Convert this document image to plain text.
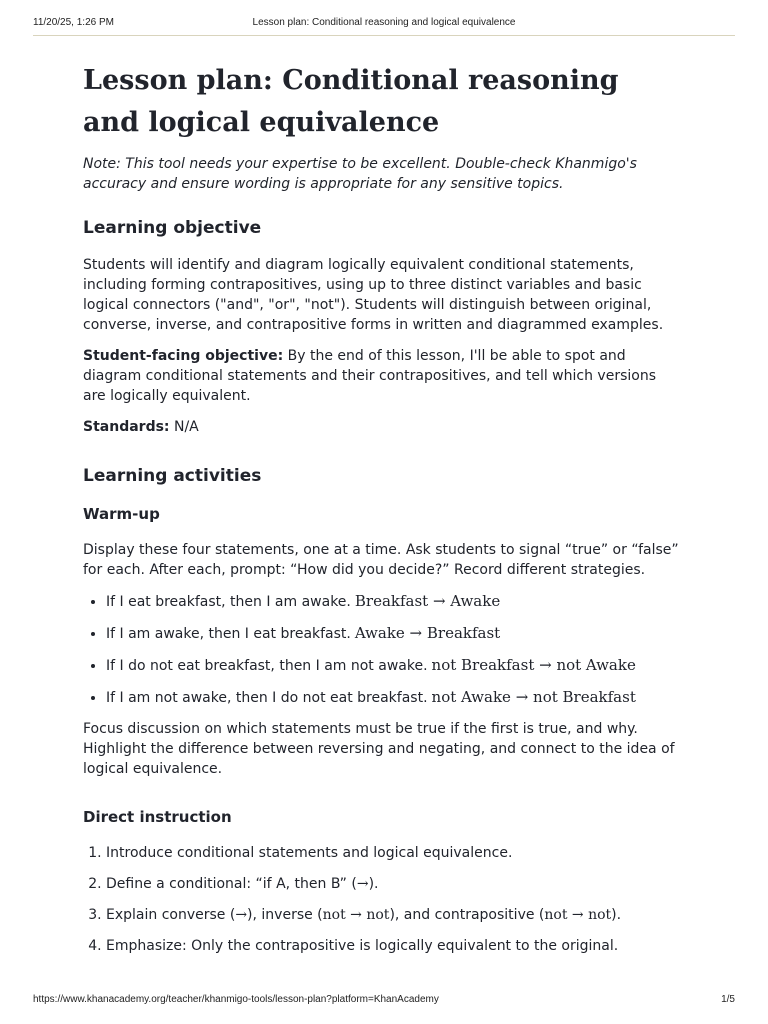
11/20/25, 1:26 PM	Lesson plan: Conditional reasoning and logical equivalence
Lesson plan: Conditional reasoning and logical equivalence

Note: This tool needs your expertise to be excellent. Double-check Khanmigo's accuracy and ensure wording is appropriate for any sensitive topics.

Learning objective

Students will identify and diagram logically equivalent conditional statements, including forming contrapositives, using up to three distinct variables and basic logical connectors ("and", "or", "not"). Students will distinguish between original, converse, inverse, and contrapositive forms in written and diagrammed examples.

Student-facing objective: By the end of this lesson, I'll be able to spot and diagram conditional statements and their contrapositives, and tell which versions are logically equivalent.

Standards: N/A

Learning activities
Warm-up

Display these four statements, one at a time. Ask students to signal “true” or “false” for each. After each, prompt: “How did you decide?” Record different strategies.

• If I eat breakfast, then I am awake. Breakfast → Awake
• If I am awake, then I eat breakfast. Awake → Breakfast
• If I do not eat breakfast, then I am not awake. not Breakfast → not Awake
• If I am not awake, then I do not eat breakfast. not Awake → not Breakfast

Focus discussion on which statements must be true if the first is true, and why. Highlight the difference between reversing and negating, and connect to the idea of logical equivalence.

Direct instruction
1. Introduce conditional statements and logical equivalence.
2. Define a conditional: “if A, then B” (→).
3. Explain converse (→), inverse (not → not), and contrapositive (not → not).
4. Emphasize: Only the contrapositive is logically equivalent to the original.
https://www.khanacademy.org/teacher/khanmigo-tools/lesson-plan?platform=KhanAcademy	1/5
